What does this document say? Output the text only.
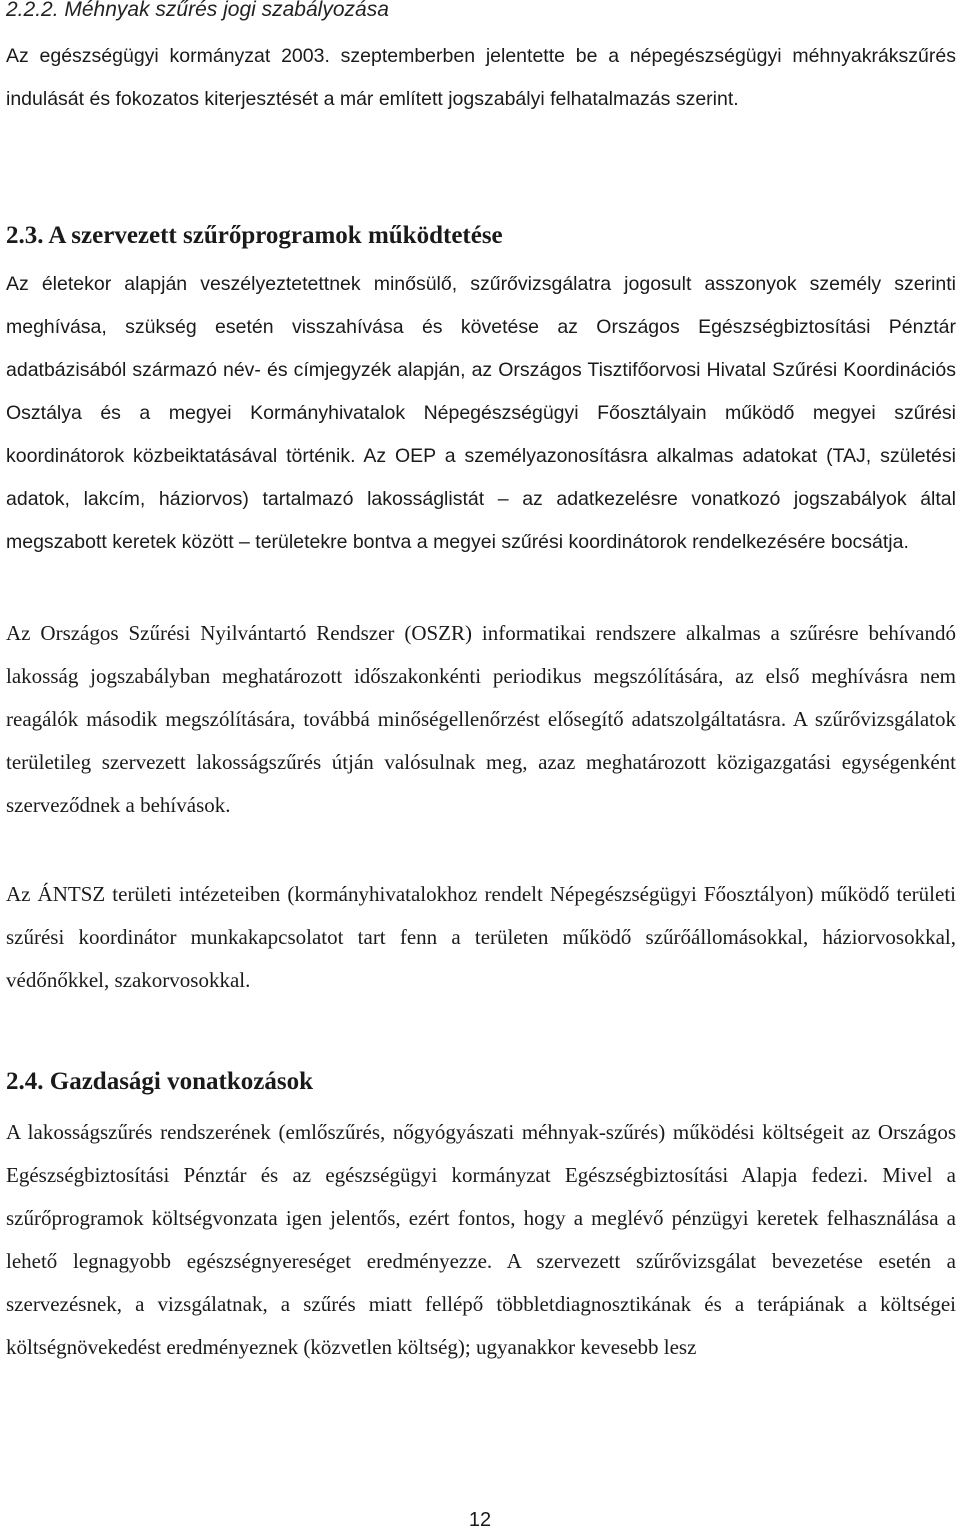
2.2.2. Méhnyak szűrés jogi szabályozása
Az egészségügyi kormányzat 2003. szeptemberben jelentette be a népegészségügyi méhnyakrákszűrés indulását és fokozatos kiterjesztését a már említett jogszabályi felhatalmazás szerint.
2.3. A szervezett szűrőprogramok működtetése
Az életekor alapján veszélyeztetettnek minősülő, szűrővizsgálatra jogosult asszonyok személy szerinti meghívása, szükség esetén visszahívása és követése az Országos Egészségbiztosítási Pénztár adatbázisából származó név- és címjegyzék alapján, az Országos Tisztifőorvosi Hivatal Szűrési Koordinációs Osztálya és a megyei Kormányhivatalok Népegészségügyi Főosztályain működő megyei szűrési koordinátorok közbeiktatásával történik. Az OEP a személyazonosításra alkalmas adatokat (TAJ, születési adatok, lakcím, háziorvos) tartalmazó lakosságlistát – az adatkezelésre vonatkozó jogszabályok által megszabott keretek között – területekre bontva a megyei szűrési koordinátorok rendelkezésére bocsátja.
Az Országos Szűrési Nyilvántartó Rendszer (OSZR) informatikai rendszere alkalmas a szűrésre behívandó lakosság jogszabályban meghatározott időszakonkénti periodikus megszólítására, az első meghívásra nem reagálók második megszólítására, továbbá minőségellenőrzést elősegítő adatszolgáltatásra. A szűrővizsgálatok területileg szervezett lakosságszűrés útján valósulnak meg, azaz meghatározott közigazgatási egységenként szerveződnek a behívások.
Az ÁNTSZ területi intézeteiben (kormányhivatalokhoz rendelt Népegészségügyi Főosztályon) működő területi szűrési koordinátor munkakapcsolatot tart fenn a területen működő szűrőállomásokkal, háziorvosokkal, védőnőkkel, szakorvosokkal.
2.4. Gazdasági vonatkozások
A lakosságszűrés rendszerének (emlőszűrés, nőgyógyászati méhnyak-szűrés) működési költségeit az Országos Egészségbiztosítási Pénztár és az egészségügyi kormányzat Egészségbiztosítási Alapja fedezi. Mivel a szűrőprogramok költségvonzata igen jelentős, ezért fontos, hogy a meglévő pénzügyi keretek felhasználása a lehető legnagyobb egészségnyereséget eredményezze. A szervezett szűrővizsgálat bevezetése esetén a szervezésnek, a vizsgálatnak, a szűrés miatt fellépő többletdiagnosztikának és a terápiának a költségei költségnövekedést eredményeznek (közvetlen költség); ugyanakkor kevesebb lesz
12
